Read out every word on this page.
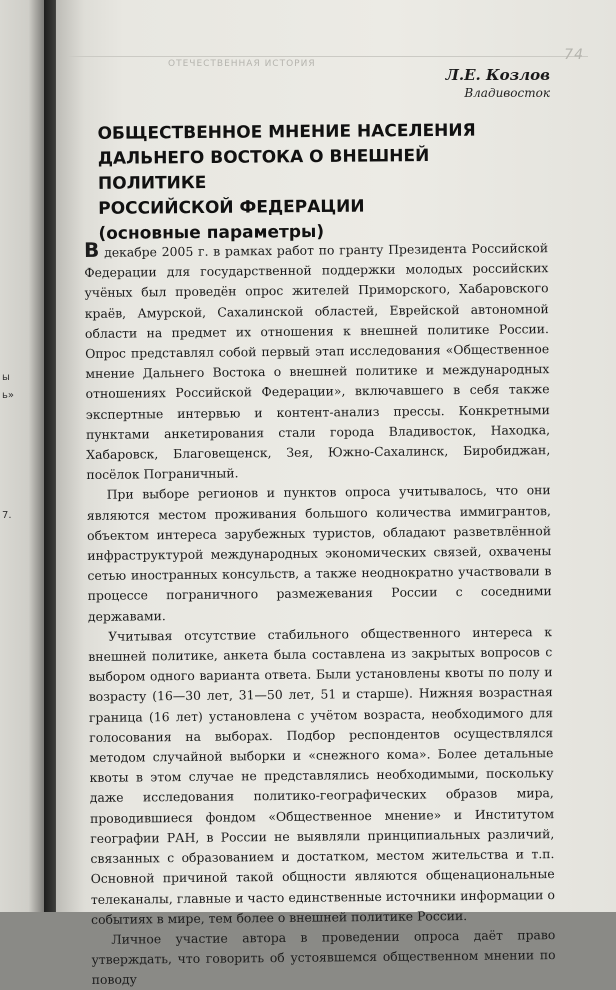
ы
ь»
7.
ОТЕЧЕСТВЕННАЯ ИСТОРИЯ
74
Л.Е. Козлов
Владивосток
ОБЩЕСТВЕННОЕ МНЕНИЕ НАСЕЛЕНИЯ
ДАЛЬНЕГО ВОСТОКА О ВНЕШНЕЙ ПОЛИТИКЕ
РОССИЙСКОЙ ФЕДЕРАЦИИ
(основные параметры)

В декабре 2005 г. в рамках работ по гранту Президента Российской Федерации для государственной поддержки молодых российских учёных был проведён опрос жителей Приморского, Хабаровского краёв, Амурской, Сахалинской областей, Еврейской автономной области на предмет их отношения к внешней политике России. Опрос представлял собой первый этап исследования «Общественное мнение Дальнего Востока о внешней политике и международных отношениях Российской Федерации», включавшего в себя также экспертные интервью и контент-анализ прессы. Конкретными пунктами анкетирования стали города Владивосток, Находка, Хабаровск, Благовещенск, Зея, Южно-Сахалинск, Биробиджан, посёлок Пограничный.

При выборе регионов и пунктов опроса учитывалось, что они являются местом проживания большого количества иммигрантов, объектом интереса зарубежных туристов, обладают разветвлённой инфраструктурой международных экономических связей, охвачены сетью иностранных консульств, а также неоднократно участвовали в процессе пограничного размежевания России с соседними державами.

Учитывая отсутствие стабильного общественного интереса к внешней политике, анкета была составлена из закрытых вопросов с выбором одного варианта ответа. Были установлены квоты по полу и возрасту (16—30 лет, 31—50 лет, 51 и старше). Нижняя возрастная граница (16 лет) установлена с учётом возраста, необходимого для голосования на выборах. Подбор респондентов осуществлялся методом случайной выборки и «снежного кома». Более детальные квоты в этом случае не представлялись необходимыми, поскольку даже исследования политико-географических образов мира, проводившиеся фондом «Общественное мнение» и Институтом географии РАН, в России не выявляли принципиальных различий, связанных с образованием и достатком, местом жительства и т.п. Основной причиной такой общности являются общенациональные телеканалы, главные и часто единственные источники информации о событиях в мире, тем более о внешней политике России.

Личное участие автора в проведении опроса даёт право утверждать, что говорить об устоявшемся общественном мнении по поводу
